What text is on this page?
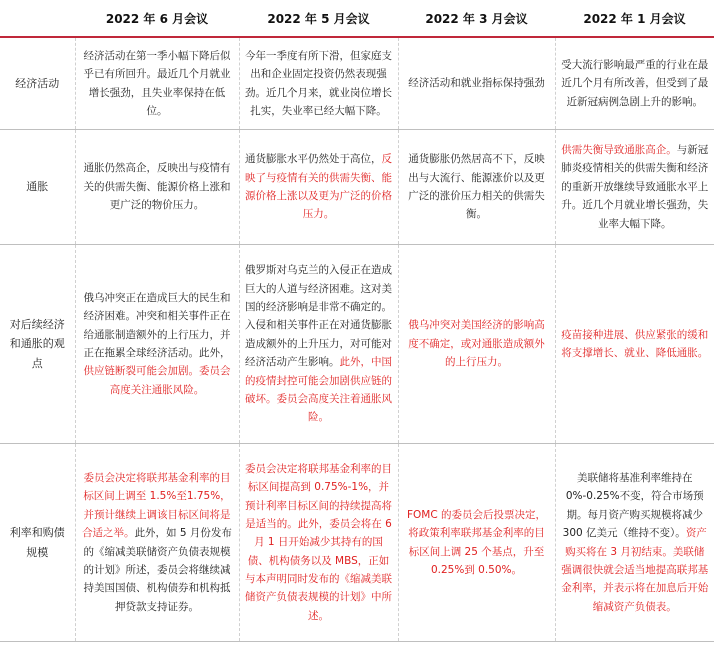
	2022 年 6 月会议	2022 年 5 月会议	2022 年 3 月会议	2022 年 1 月会议
经济活动	经济活动在第一季小幅下降后似乎已有所回升。最近几个月就业增长强劲，且失业率保持在低位。	今年一季度有所下滑，但家庭支出和企业固定投资仍然表现强劲。近几个月来，就业岗位增长扎实，失业率已经大幅下降。	经济活动和就业指标保持强劲	受大流行影响最严重的行业在最近几个月有所改善，但受到了最近新冠病例急剧上升的影响。
通胀	通胀仍然高企，反映出与疫情有关的供需失衡、能源价格上涨和更广泛的物价压力。	通货膨胀水平仍然处于高位，反映了与疫情有关的供需失衡、能源价格上涨以及更为广泛的价格压力。	通货膨胀仍然居高不下，反映出与大流行、能源涨价以及更广泛的涨价压力相关的供需失衡。	供需失衡导致通胀高企。与新冠肺炎疫情相关的供需失衡和经济的重新开放继续导致通胀水平上升。近几个月就业增长强劲，失业率大幅下降。
对后续经济和通胀的观点	俄乌冲突正在造成巨大的民生和经济困难。冲突和相关事件正在给通胀制造额外的上行压力，并正在拖累全球经济活动。此外，供应链断裂可能会加剧。委员会高度关注通胀风险。	俄罗斯对乌克兰的入侵正在造成巨大的人道与经济困难。这对美国的经济影响是非常不确定的。入侵和相关事件正在对通货膨胀造成额外的上升压力，对可能对经济活动产生影响。此外，中国的疫情封控可能会加剧供应链的破坏。委员会高度关注着通胀风险。	俄乌冲突对美国经济的影响高度不确定，或对通胀造成额外的上行压力。	疫苗接种进展、供应紧张的缓和将支撑增长、就业、降低通胀。
利率和购债规模	委员会决定将联邦基金利率的目标区间上调至 1.5%至1.75%，并预计继续上调该目标区间将是合适之举。此外，如 5 月份发布的《缩减美联储资产负债表规模的计划》所述，委员会将继续减持美国国债、机构债券和机构抵押贷款支持证券。	委员会决定将联邦基金利率的目标区间提高到 0.75%-1%，并预计利率目标区间的持续提高将是适当的。此外，委员会将在 6 月 1 日开始减少其持有的国债、机构债务以及 MBS，正如与本声明同时发布的《缩减美联储资产负债表规模的计划》中所述。	FOMC 的委员会后投票决定，将政策利率联邦基金利率的目标区间上调 25 个基点，升至0.25%到 0.50%。	美联储将基准利率维持在 0%-0.25%不变，符合市场预期。每月资产购买规模将减少 300 亿美元（维持不变）。资产购买将在 3 月初结束。美联储强调很快就会适当地提高联邦基金利率，并表示将在加息后开始缩减资产负债表。
